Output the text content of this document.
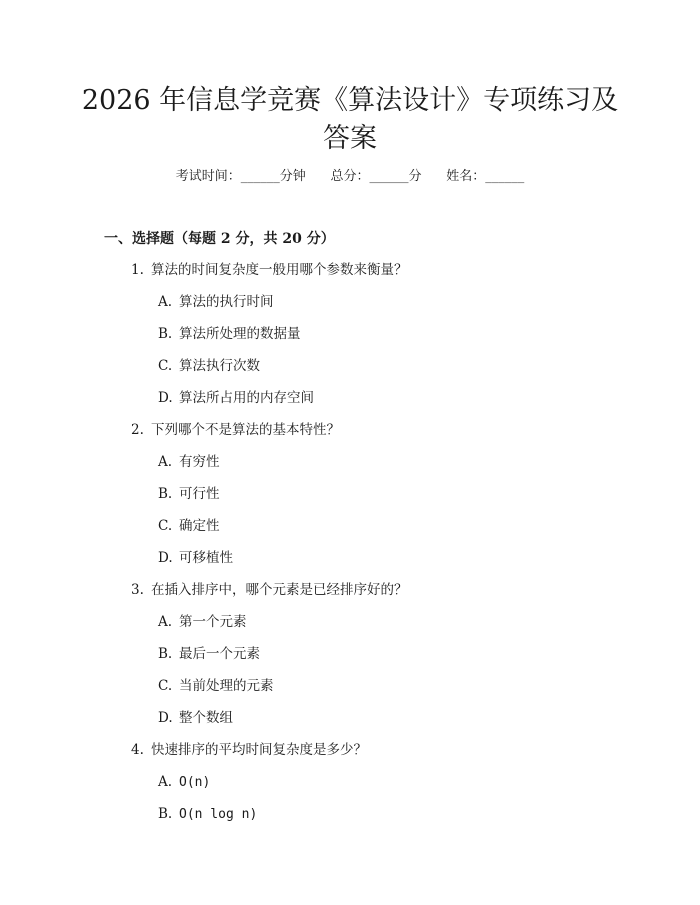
2026 年信息学竞赛《算法设计》专项练习及
答案
考试时间：______分钟      总分：______分      姓名：______
一、选择题（每题 2 分，共 20 分）
1. 算法的时间复杂度一般用哪个参数来衡量？
A. 算法的执行时间
B. 算法所处理的数据量
C. 算法执行次数
D. 算法所占用的内存空间
2. 下列哪个不是算法的基本特性？
A. 有穷性
B. 可行性
C. 确定性
D. 可移植性
3. 在插入排序中，哪个元素是已经排序好的？
A. 第一个元素
B. 最后一个元素
C. 当前处理的元素
D. 整个数组
4. 快速排序的平均时间复杂度是多少？
A. O(n)
B. O(n log n)
